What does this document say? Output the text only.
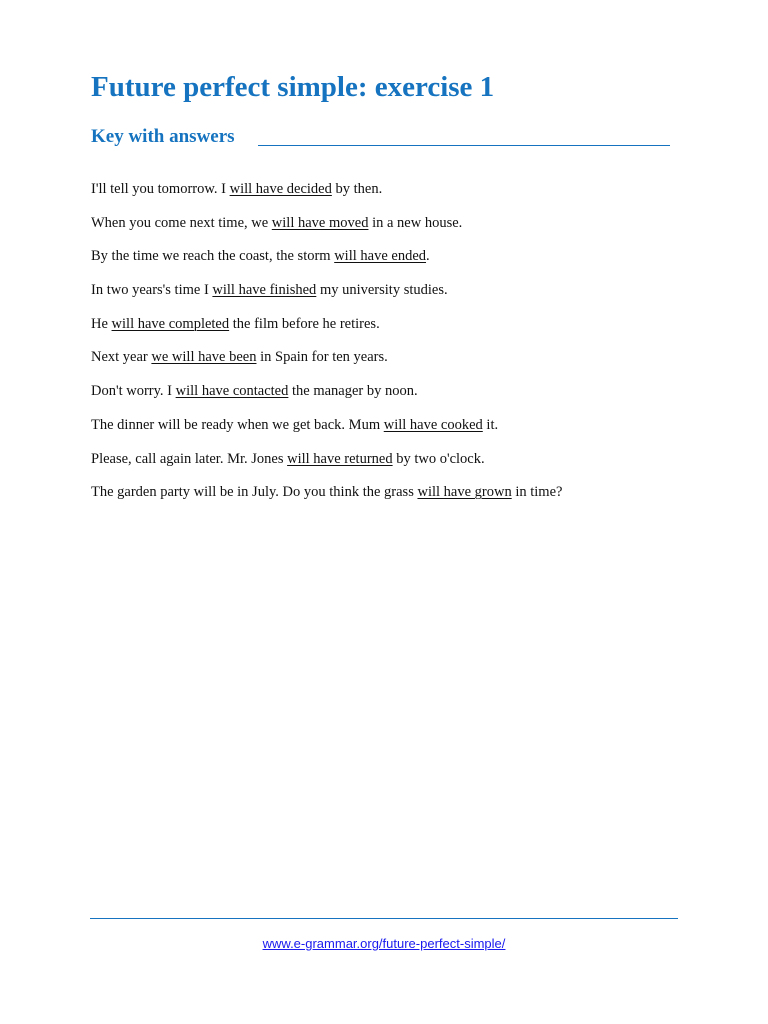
Future perfect simple: exercise 1
Key with answers
I'll tell you tomorrow. I will have decided by then.
When you come next time, we will have moved in a new house.
By the time we reach the coast, the storm will have ended.
In two years's time I will have finished my university studies.
He will have completed the film before he retires.
Next year we will have been in Spain for ten years.
Don't worry. I will have contacted the manager by noon.
The dinner will be ready when we get back. Mum will have cooked it.
Please, call again later. Mr. Jones will have returned by two o'clock.
The garden party will be in July. Do you think the grass will have grown in time?
www.e-grammar.org/future-perfect-simple/
